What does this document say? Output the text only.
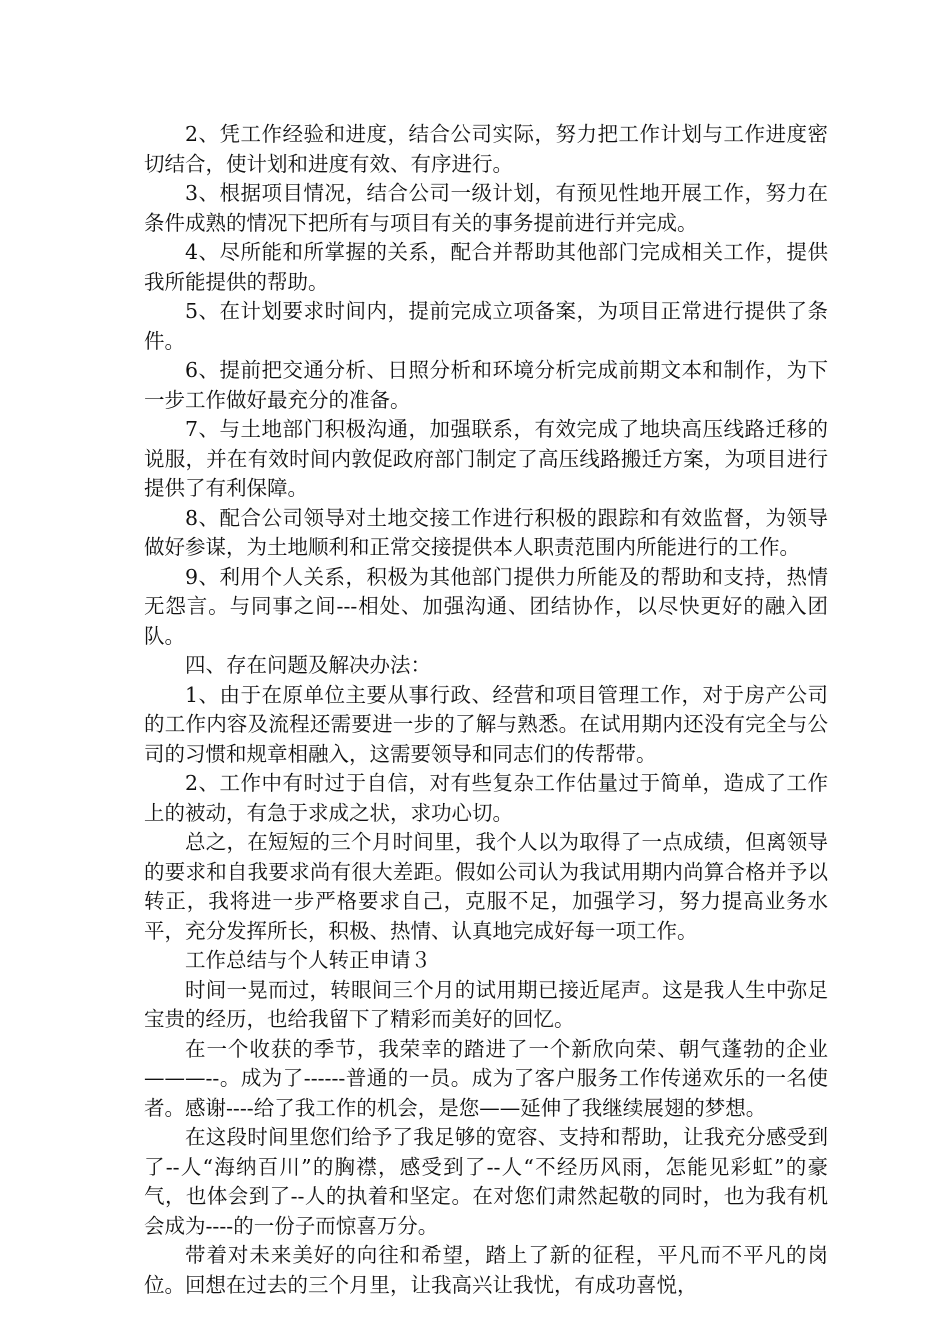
2、凭工作经验和进度，结合公司实际，努力把工作计划与工作进度密切结合，使计划和进度有效、有序进行。

3、根据项目情况，结合公司一级计划，有预见性地开展工作，努力在条件成熟的情况下把所有与项目有关的事务提前进行并完成。

4、尽所能和所掌握的关系，配合并帮助其他部门完成相关工作，提供我所能提供的帮助。

5、在计划要求时间内，提前完成立项备案，为项目正常进行提供了条件。

6、提前把交通分析、日照分析和环境分析完成前期文本和制作，为下一步工作做好最充分的准备。

7、与土地部门积极沟通，加强联系，有效完成了地块高压线路迁移的说服，并在有效时间内敦促政府部门制定了高压线路搬迁方案，为项目进行提供了有利保障。

8、配合公司领导对土地交接工作进行积极的跟踪和有效监督，为领导做好参谋，为土地顺利和正常交接提供本人职责范围内所能进行的工作。

9、利用个人关系，积极为其他部门提供力所能及的帮助和支持，热情无怨言。与同事之间---相处、加强沟通、团结协作，以尽快更好的融入团队。

四、存在问题及解决办法：

1、由于在原单位主要从事行政、经营和项目管理工作，对于房产公司的工作内容及流程还需要进一步的了解与熟悉。在试用期内还没有完全与公司的习惯和规章相融入，这需要领导和同志们的传帮带。

2、工作中有时过于自信，对有些复杂工作估量过于简单，造成了工作上的被动，有急于求成之状，求功心切。

总之，在短短的三个月时间里，我个人以为取得了一点成绩，但离领导的要求和自我要求尚有很大差距。假如公司认为我试用期内尚算合格并予以转正，我将进一步严格要求自己，克服不足，加强学习，努力提高业务水平，充分发挥所长，积极、热情、认真地完成好每一项工作。

工作总结与个人转正申请３

时间一晃而过，转眼间三个月的试用期已接近尾声。这是我人生中弥足宝贵的经历，也给我留下了精彩而美好的回忆。

在一个收获的季节，我荣幸的踏进了一个新欣向荣、朝气蓬勃的企业———--。成为了------普通的一员。成为了客户服务工作传递欢乐的一名使者。感谢----给了我工作的机会，是您——延伸了我继续展翅的梦想。

在这段时间里您们给予了我足够的宽容、支持和帮助，让我充分感受到了--人“海纳百川”的胸襟，感受到了--人“不经历风雨，怎能见彩虹”的豪气，也体会到了--人的执着和坚定。在对您们肃然起敬的同时，也为我有机会成为----的一份子而惊喜万分。

带着对未来美好的向往和希望，踏上了新的征程，平凡而不平凡的岗位。回想在过去的三个月里，让我高兴让我忧，有成功喜悦，
